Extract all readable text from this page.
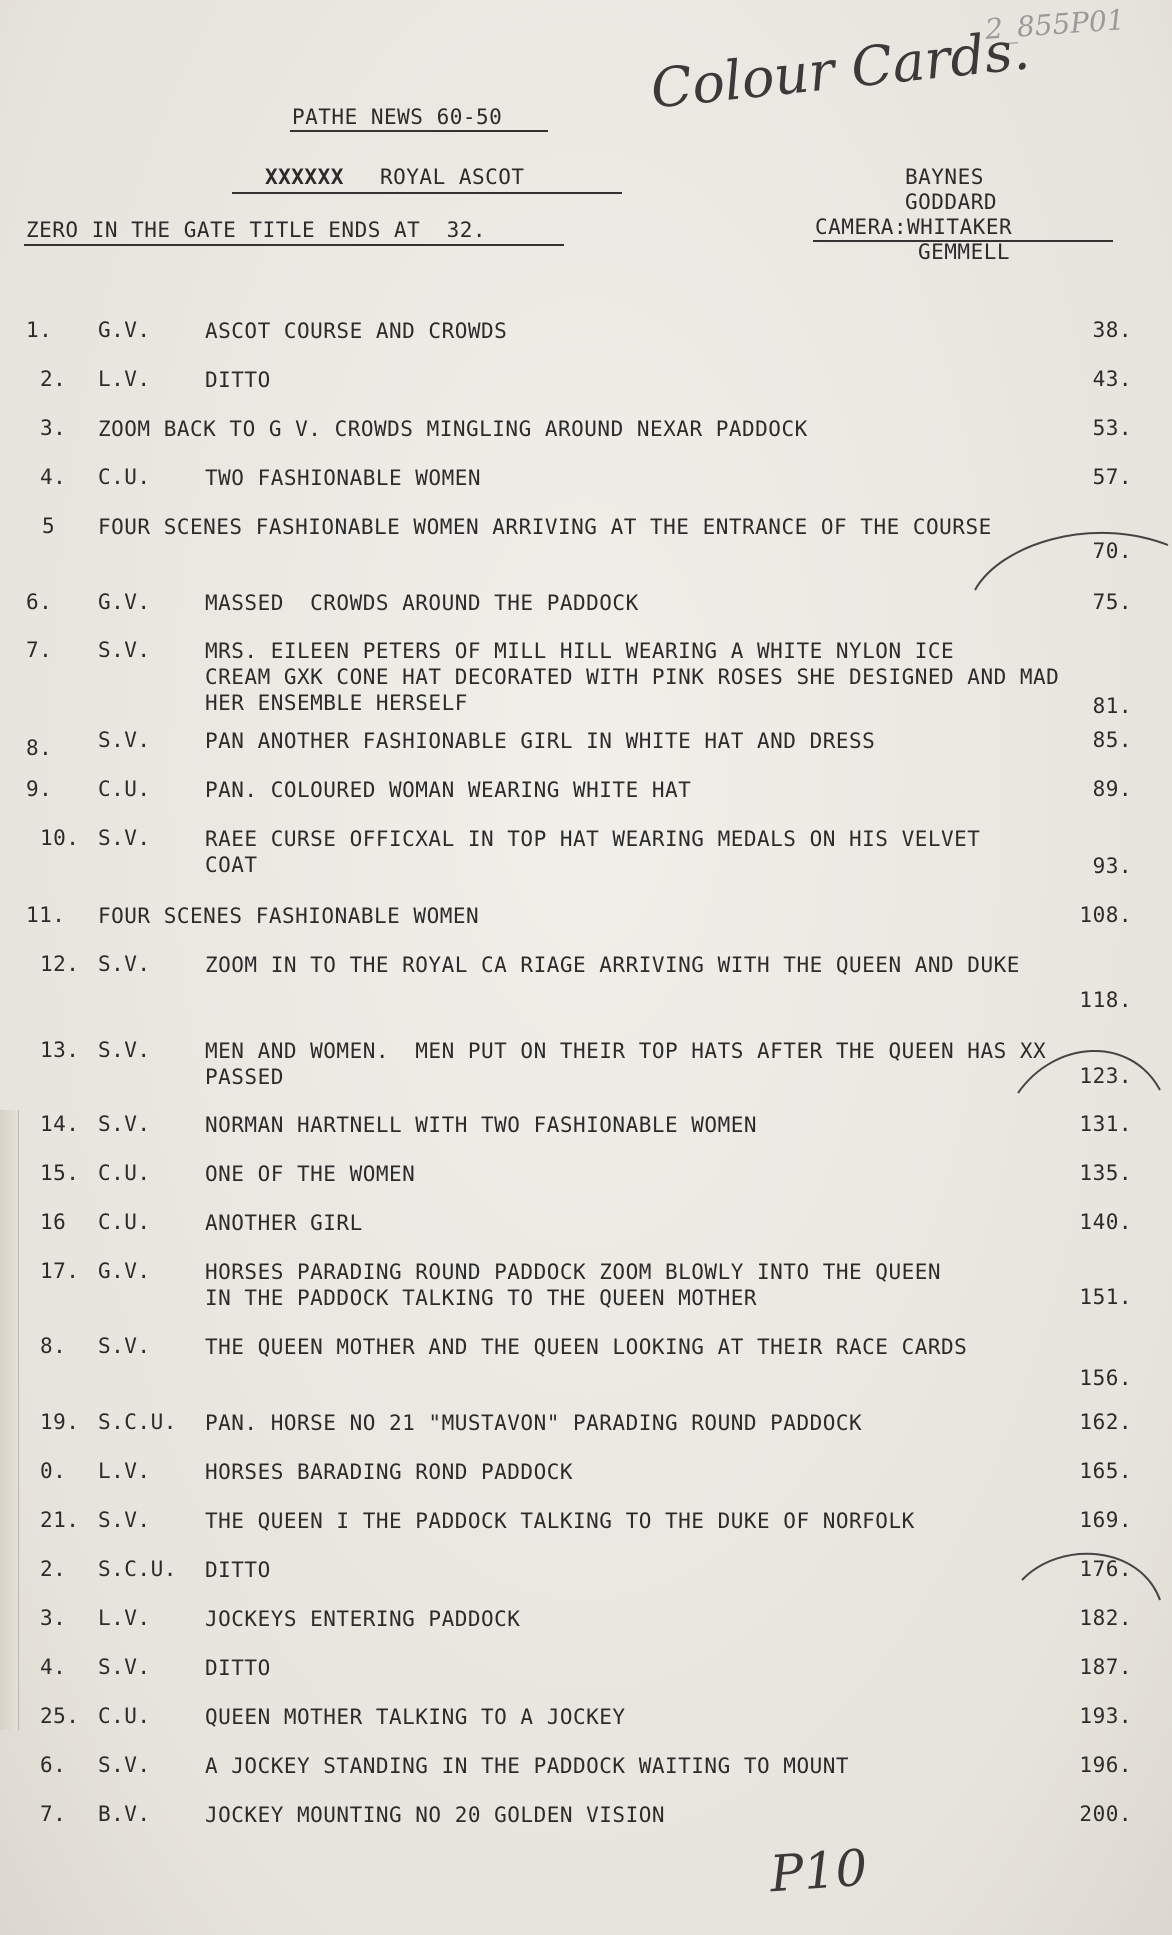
2_855P01
Colour Cards.
P10
PATHE NEWS 60-50
XXXXXX ROYAL ASCOT
ZERO IN THE GATE TITLE ENDS AT  32.
BAYNES
GODDARD
CAMERA:WHITAKER
GEMMELL
1. G.V.	ASCOT COURSE AND CROWDS	38.
2. L.V.	DITTO	43.
3. ZOOM BACK TO G V. CROWDS MINGLING AROUND NEXAR PADDOCK	53.
4. C.U.	TWO FASHIONABLE WOMEN	57.
5 FOUR SCENES FASHIONABLE WOMEN ARRIVING AT THE ENTRANCE OF THE COURSE
70.
6. G.V.	MASSED  CROWDS AROUND THE PADDOCK	75.
7. S.V.	MRS. EILEEN PETERS OF MILL HILL WEARING A WHITE NYLON ICE
CREAM GXK CONE HAT DECORATED WITH PINK ROSES SHE DESIGNED AND MAD
HER ENSEMBLE HERSELF	81.
8. S.V.	PAN ANOTHER FASHIONABLE GIRL IN WHITE HAT AND DRESS	85.
9. C.U.	PAN. COLOURED WOMAN WEARING WHITE HAT	89.
10. S.V.	RAEE CURSE OFFICXAL IN TOP HAT WEARING MEDALS ON HIS VELVET
COAT	93.
11. FOUR SCENES FASHIONABLE WOMEN	108.
12. S.V.	ZOOM IN TO THE ROYAL CA RIAGE ARRIVING WITH THE QUEEN AND DUKE
118.
13. S.V.	MEN AND WOMEN.  MEN PUT ON THEIR TOP HATS AFTER THE QUEEN HAS XX
PASSED	123.
14. S.V.	NORMAN HARTNELL WITH TWO FASHIONABLE WOMEN	131.
15. C.U.	ONE OF THE WOMEN	135.
16 C.U.	ANOTHER GIRL	140.
17. G.V.	HORSES PARADING ROUND PADDOCK ZOOM BLOWLY INTO THE QUEEN
IN THE PADDOCK TALKING TO THE QUEEN MOTHER	151.
8. S.V.	THE QUEEN MOTHER AND THE QUEEN LOOKING AT THEIR RACE CARDS
156.
19. S.C.U. PAN. HORSE NO 21 "MUSTAVON" PARADING ROUND PADDOCK	162.
0. L.V.	HORSES BARADING ROND PADDOCK	165.
21. S.V.	THE QUEEN I THE PADDOCK TALKING TO THE DUKE OF NORFOLK	169.
2. S.C.U. DITTO	176.
3. L.V.	JOCKEYS ENTERING PADDOCK	182.
4. S.V.	DITTO	187.
25. C.U.	QUEEN MOTHER TALKING TO A JOCKEY	193.
6. S.V.	A JOCKEY STANDING IN THE PADDOCK WAITING TO MOUNT	196.
7. B.V.	JOCKEY MOUNTING NO 20 GOLDEN VISION	200.
